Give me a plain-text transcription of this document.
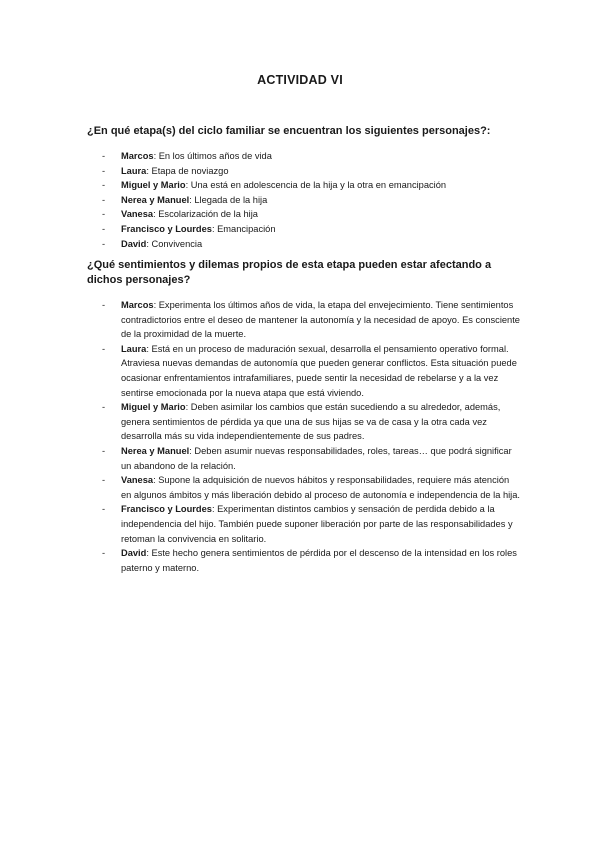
ACTIVIDAD VI
¿En qué etapa(s) del ciclo familiar se encuentran los siguientes personajes?:
- Marcos: En los últimos años de vida
- Laura: Etapa de noviazgo
- Miguel y Mario: Una está en adolescencia de la hija y la otra en emancipación
- Nerea y Manuel: Llegada de la hija
- Vanesa: Escolarización de la hija
- Francisco y Lourdes: Emancipación
- David: Convivencia
¿Qué sentimientos y dilemas propios de esta etapa pueden estar afectando a dichos personajes?
- Marcos: Experimenta los últimos años de vida, la etapa del envejecimiento. Tiene sentimientos contradictorios entre el deseo de mantener la autonomía y la necesidad de apoyo. Es consciente de la proximidad de la muerte.
- Laura: Está en un proceso de maduración sexual, desarrolla el pensamiento operativo formal. Atraviesa nuevas demandas de autonomía que pueden generar conflictos. Esta situación puede ocasionar enfrentamientos intrafamiliares, puede sentir la necesidad de rebelarse y a la vez sentirse emocionada por la nueva atapa que está viviendo.
- Miguel y Mario: Deben asimilar los cambios que están sucediendo a su alrededor, además, genera sentimientos de pérdida ya que una de sus hijas se va de casa y la otra cada vez desarrolla más su vida independientemente de sus padres.
- Nerea y Manuel: Deben asumir nuevas responsabilidades, roles, tareas… que podrá significar un abandono de la relación.
- Vanesa: Supone la adquisición de nuevos hábitos y responsabilidades, requiere más atención en algunos ámbitos y más liberación debido al proceso de autonomía e independencia de la hija.
- Francisco y Lourdes: Experimentan distintos cambios y sensación de perdida debido a la independencia del hijo. También puede suponer liberación por parte de las responsabilidades y retoman la convivencia en solitario.
- David: Este hecho genera sentimientos de pérdida por el descenso de la intensidad en los roles paterno y materno.
